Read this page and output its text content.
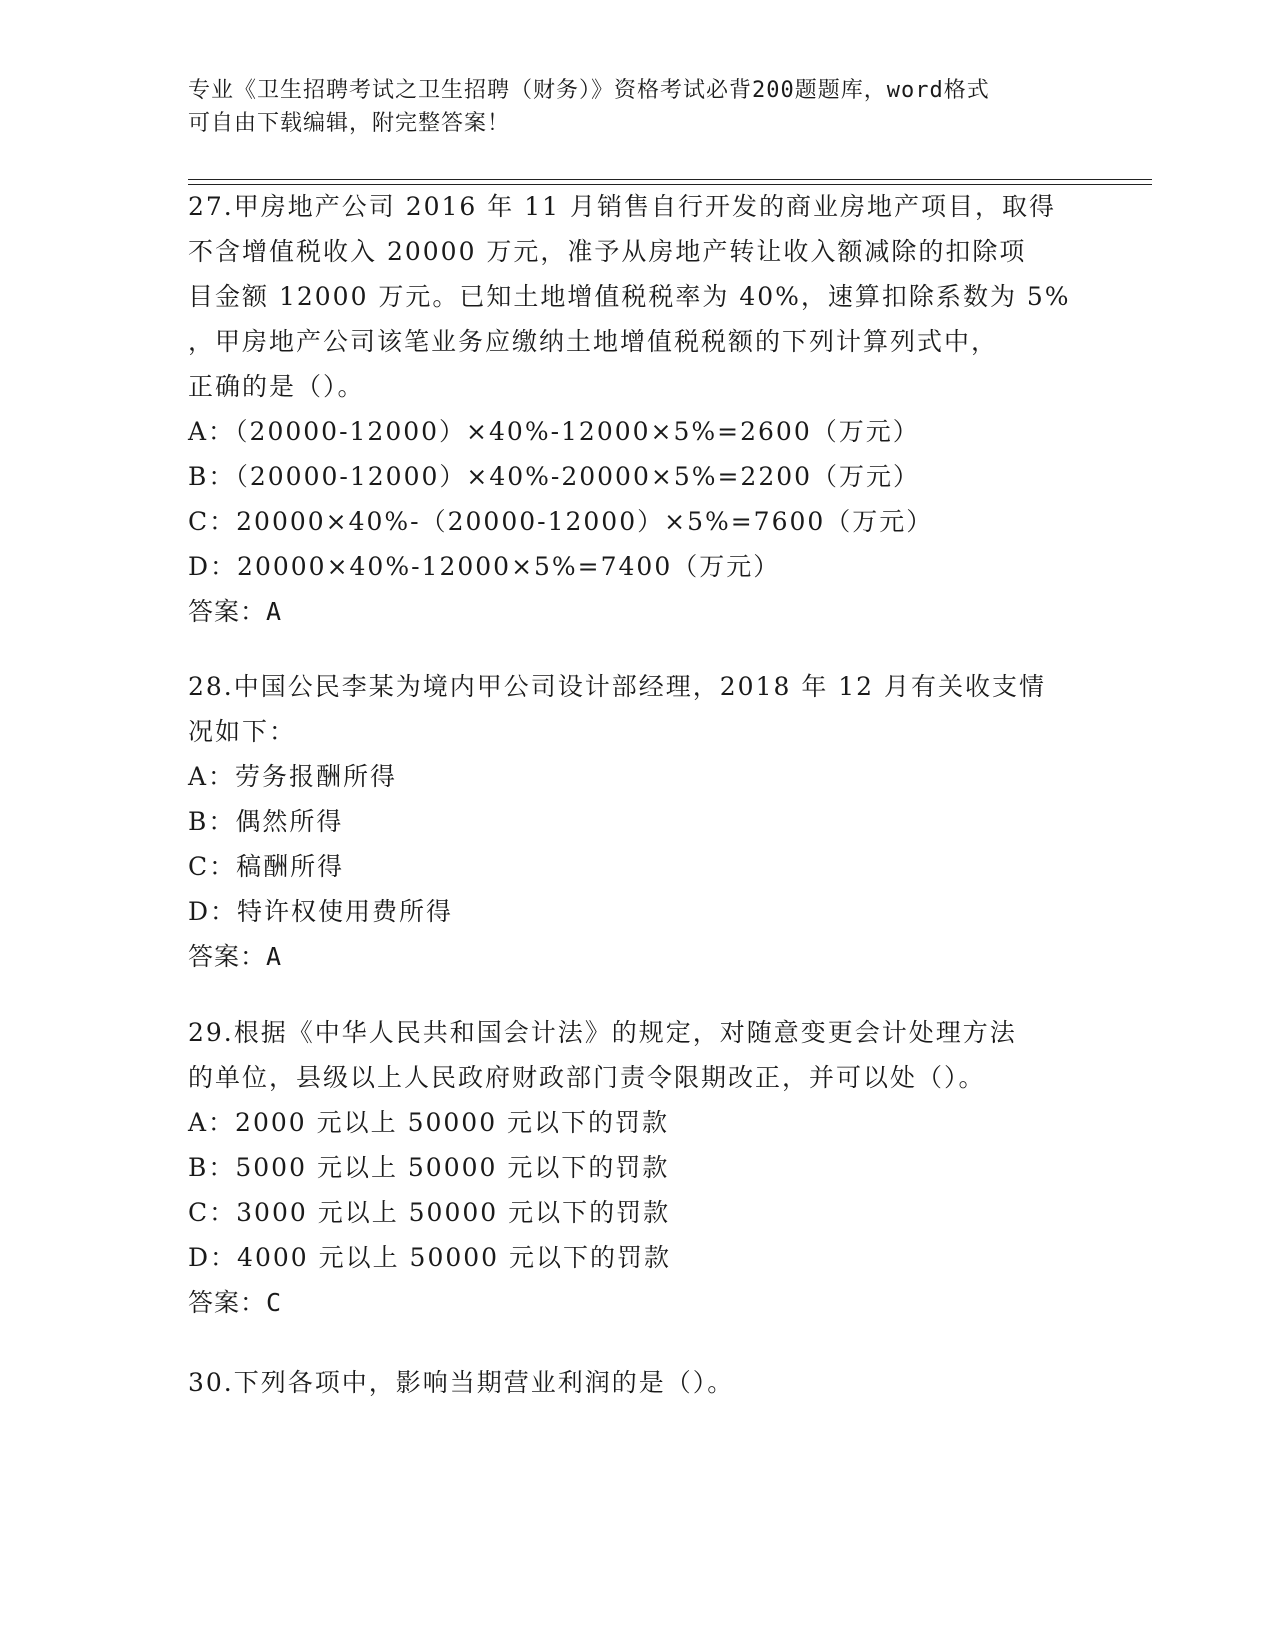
专业《卫生招聘考试之卫生招聘（财务）》资格考试必背200题题库，word格式
可自由下载编辑，附完整答案！
27.甲房地产公司 2016 年 11 月销售自行开发的商业房地产项目，取得
不含增值税收入 20000 万元，准予从房地产转让收入额减除的扣除项
目金额 12000 万元。已知土地增值税税率为 40%，速算扣除系数为 5%
，甲房地产公司该笔业务应缴纳土地增值税税额的下列计算列式中，
正确的是（）。
A：（20000-12000）×40%-12000×5%=2600（万元）
B：（20000-12000）×40%-20000×5%=2200（万元）
C：20000×40%-（20000-12000）×5%=7600（万元）
D：20000×40%-12000×5%=7400（万元）
答案：A
28.中国公民李某为境内甲公司设计部经理，2018 年 12 月有关收支情
况如下：
A：劳务报酬所得
B：偶然所得
C：稿酬所得
D：特许权使用费所得
答案：A
29.根据《中华人民共和国会计法》的规定，对随意变更会计处理方法
的单位，县级以上人民政府财政部门责令限期改正，并可以处（）。
A：2000 元以上 50000 元以下的罚款
B：5000 元以上 50000 元以下的罚款
C：3000 元以上 50000 元以下的罚款
D：4000 元以上 50000 元以下的罚款
答案：C
30.下列各项中，影响当期营业利润的是（）。
